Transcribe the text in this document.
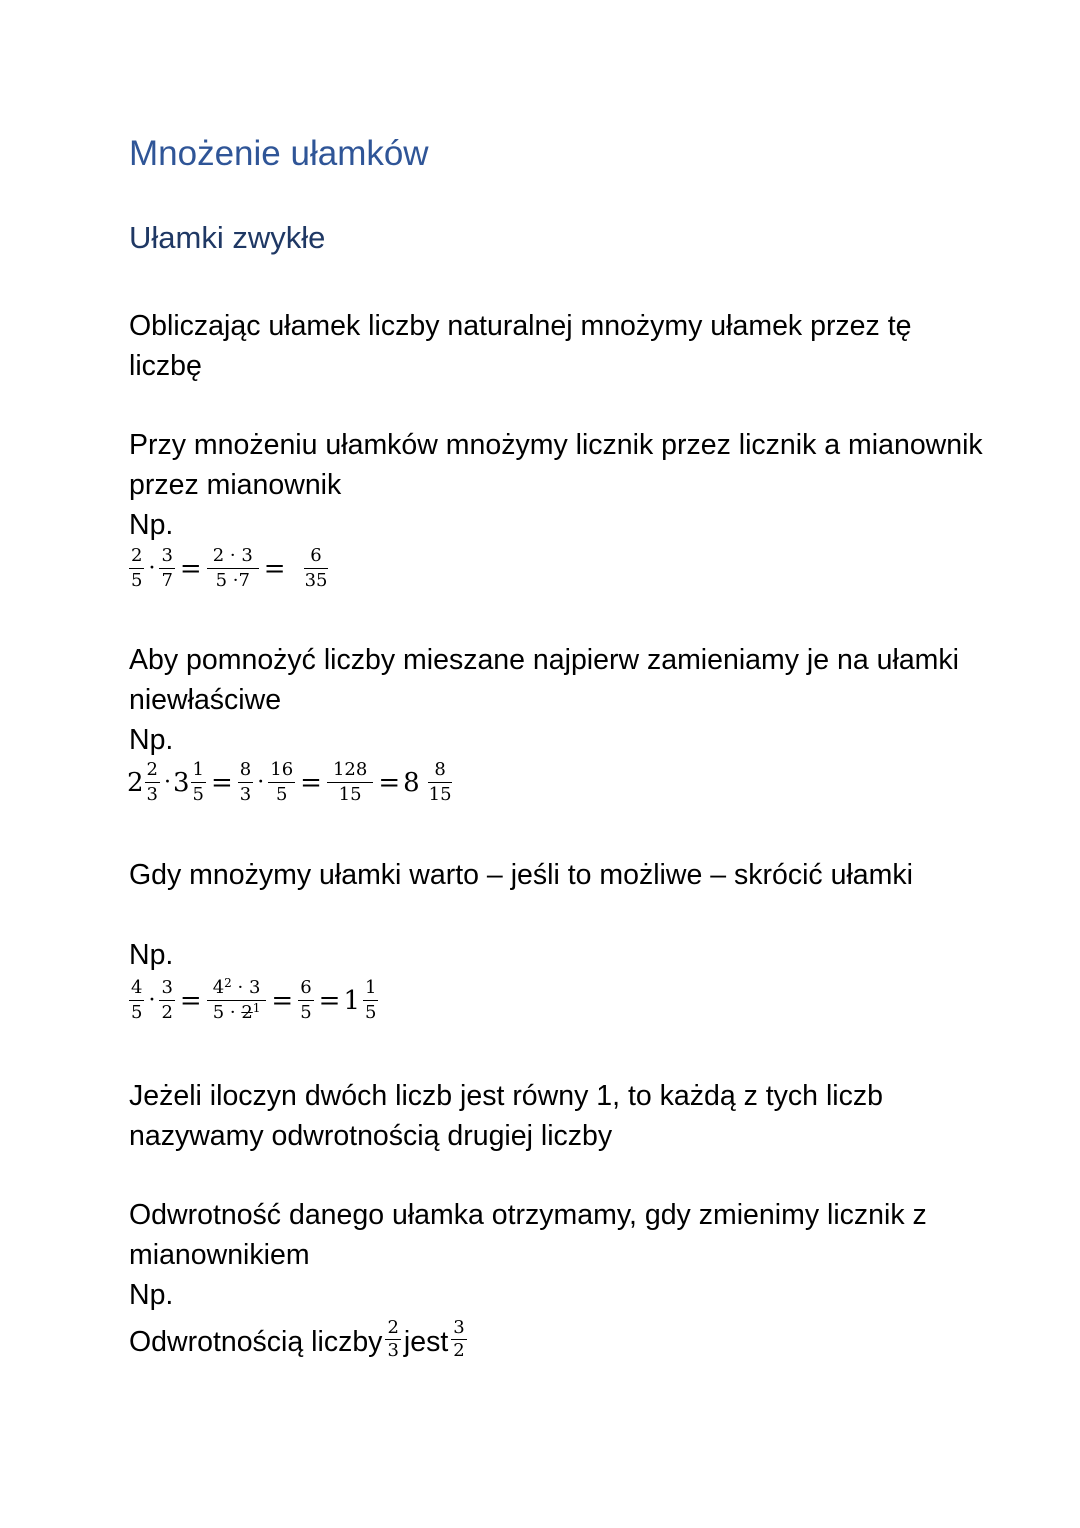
Mnożenie ułamków
Ułamki zwykłe

Obliczając ułamek liczby naturalnej mnożymy ułamek przez tę liczbę

Przy mnożeniu ułamków mnożymy licznik przez licznik a mianownik przez mianownik

Np.

$\frac{2}{5} \cdot \frac{3}{7} = \frac{2 \cdot 3}{5 \cdot 7} = \frac{6}{35}$

Aby pomnożyć liczby mieszane najpierw zamieniamy je na ułamki niewłaściwe

Np.

$2 \frac{2}{3} \cdot 3 \frac{1}{5} = \frac{8}{3} \cdot \frac{16}{5} = \frac{128}{15} = 8 \frac{8}{15}$

Gdy mnożymy ułamki warto – jeśli to możliwe – skrócić ułamki

Np.

$\frac{4}{5} \cdot \frac{3}{2} = \frac{4^2 \cdot 3}{5 \cdot 2^1} = \frac{6}{5} = 1 \frac{1}{5}$

Jeżeli iloczyn dwóch liczb jest równy 1, to każdą z tych liczb nazywamy odwrotnością drugiej liczby

Odwrotność danego ułamka otrzymamy, gdy zmienimy licznik z mianownikiem

Np.

Odwrotnością liczby $\frac{2}{3}$ jest $\frac{3}{2}$
